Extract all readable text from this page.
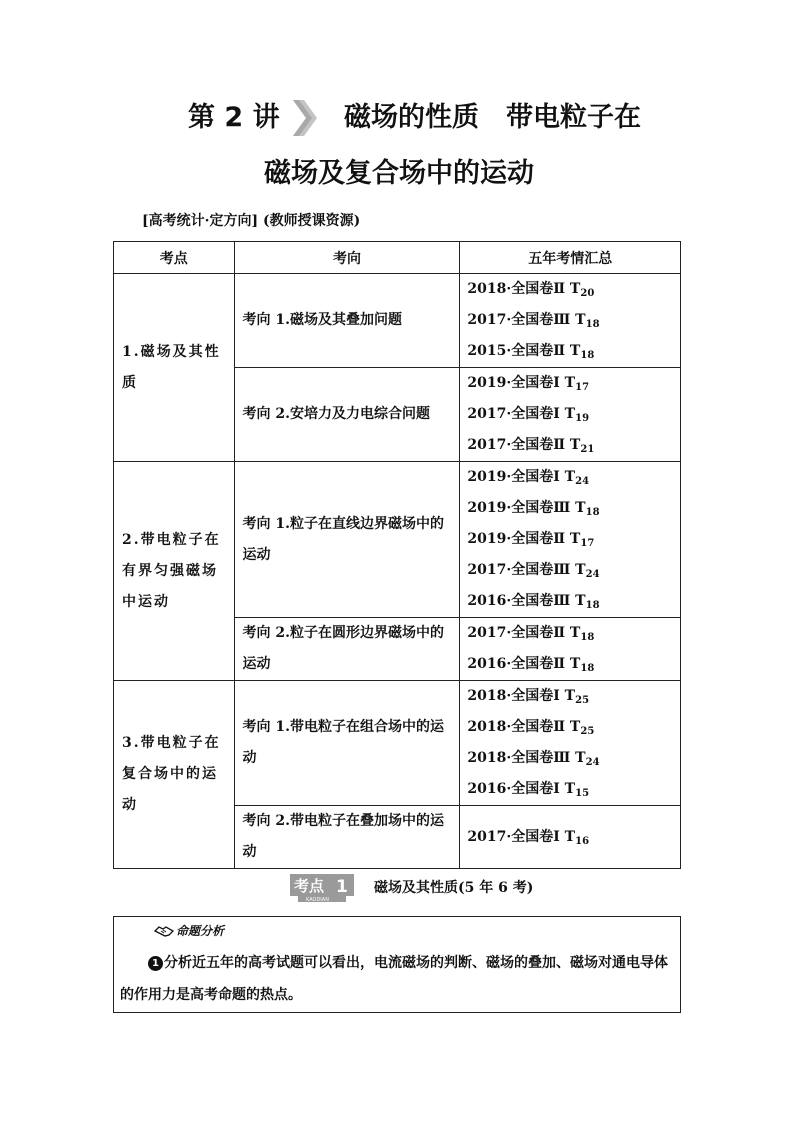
第 2 讲 磁场的性质　带电粒子在
磁场及复合场中的运动
[高考统计·定方向] (教师授课资源)
考点	考向	五年考情汇总
1.磁场及其性质	考向 1.磁场及其叠加问题	2018·全国卷Ⅱ $T_{20}$
		2017·全国卷Ⅲ $T_{18}$
		2015·全国卷Ⅱ $T_{18}$
	考向 2.安培力及力电综合问题	2019·全国卷Ⅰ $T_{17}$
		2017·全国卷Ⅰ $T_{19}$
		2017·全国卷Ⅱ $T_{21}$
2.带电粒子在有界匀强磁场中运动	考向 1.粒子在直线边界磁场中的运动	2019·全国卷Ⅰ $T_{24}$
		2019·全国卷Ⅲ $T_{18}$
		2019·全国卷Ⅱ $T_{17}$
		2017·全国卷Ⅲ $T_{24}$
		2016·全国卷Ⅲ $T_{18}$
	考向 2.粒子在圆形边界磁场中的运动	2017·全国卷Ⅱ $T_{18}$
		2016·全国卷Ⅱ $T_{18}$
3.带电粒子在复合场中的运动	考向 1.带电粒子在组合场中的运动	2018·全国卷Ⅰ $T_{25}$
		2018·全国卷Ⅱ $T_{25}$
		2018·全国卷Ⅲ $T_{24}$
		2016·全国卷Ⅰ $T_{15}$
	考向 2.带电粒子在叠加场中的运动	2017·全国卷Ⅰ $T_{16}$

考点 1
KAODIAN
磁场及其性质(5 年 6 考)
命题分析
1 分析近五年的高考试题可以看出，电流磁场的判断、磁场的叠加、磁场对通电导体的作用力是高考命题的热点。
